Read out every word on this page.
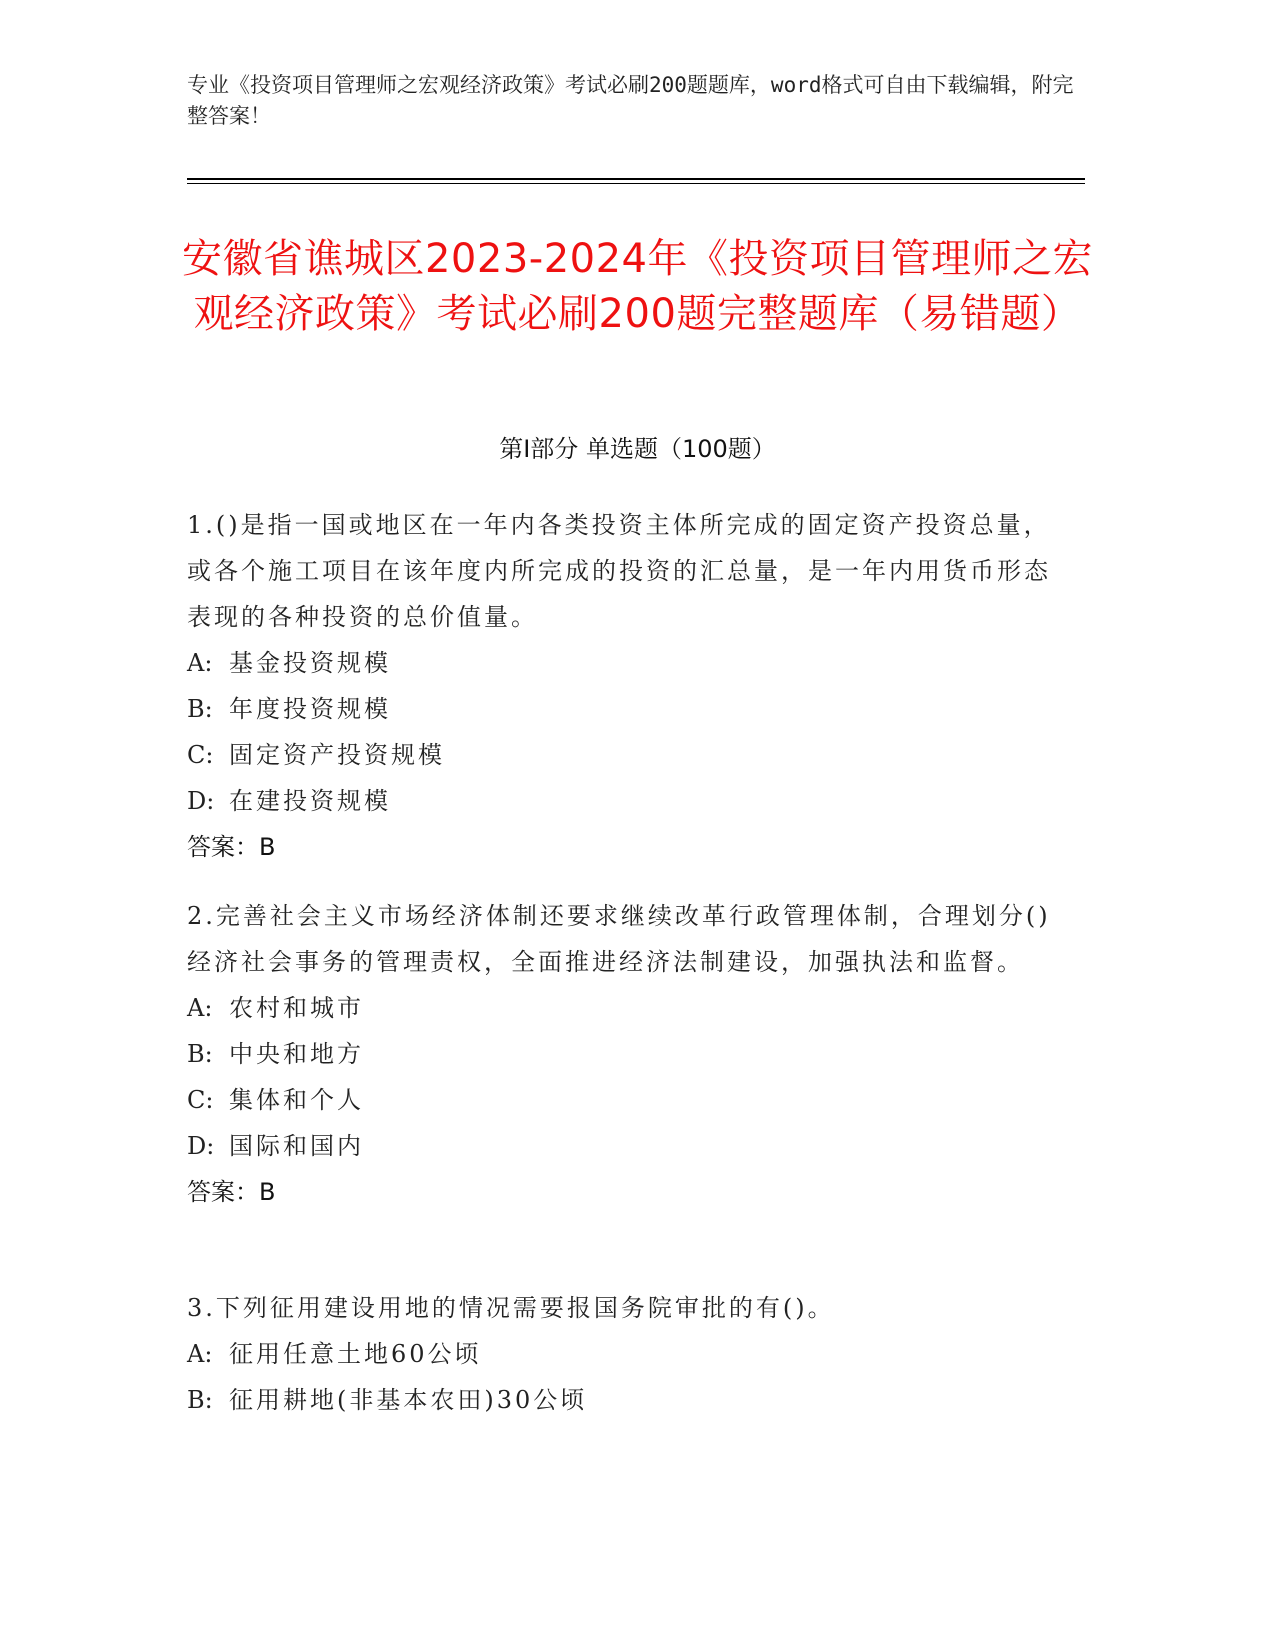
专业《投资项目管理师之宏观经济政策》考试必刷200题题库，word格式可自由下载编辑，附完整答案！
安徽省谯城区2023-2024年《投资项目管理师之宏观经济政策》考试必刷200题完整题库（易错题）
第I部分 单选题（100题）

1.()是指一国或地区在一年内各类投资主体所完成的固定资产投资总量，或各个施工项目在该年度内所完成的投资的汇总量，是一年内用货币形态表现的各种投资的总价值量。

A: 基金投资规模

B: 年度投资规模

C: 固定资产投资规模

D: 在建投资规模

答案：B

2.完善社会主义市场经济体制还要求继续改革行政管理体制，合理划分()经济社会事务的管理责权，全面推进经济法制建设，加强执法和监督。

A: 农村和城市

B: 中央和地方

C: 集体和个人

D: 国际和国内

答案：B

3.下列征用建设用地的情况需要报国务院审批的有()。

A: 征用任意土地60公顷

B: 征用耕地(非基本农田)30公顷
